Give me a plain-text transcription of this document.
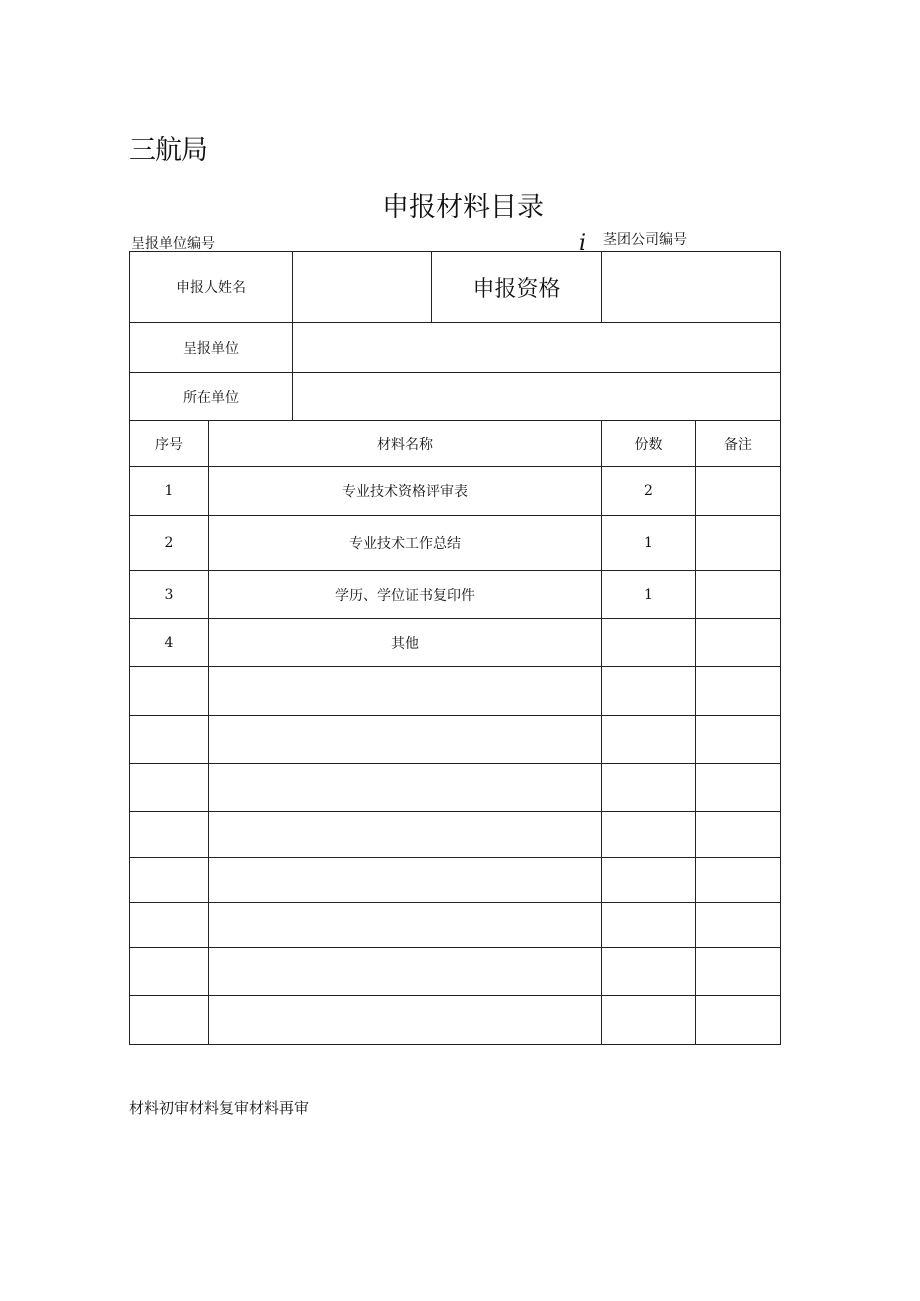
三航局
申报材料目录
呈报单位编号	i 茎团公司编号
申报人姓名		申报资格	
呈报单位			
所在单位			
序号	材料名称	份数	备注
1	专业技术资格评审表	2	
2	专业技术工作总结	1	
3	学历、学位证书复印件	1	
4	其他		

材料初审材料复审材料再审
